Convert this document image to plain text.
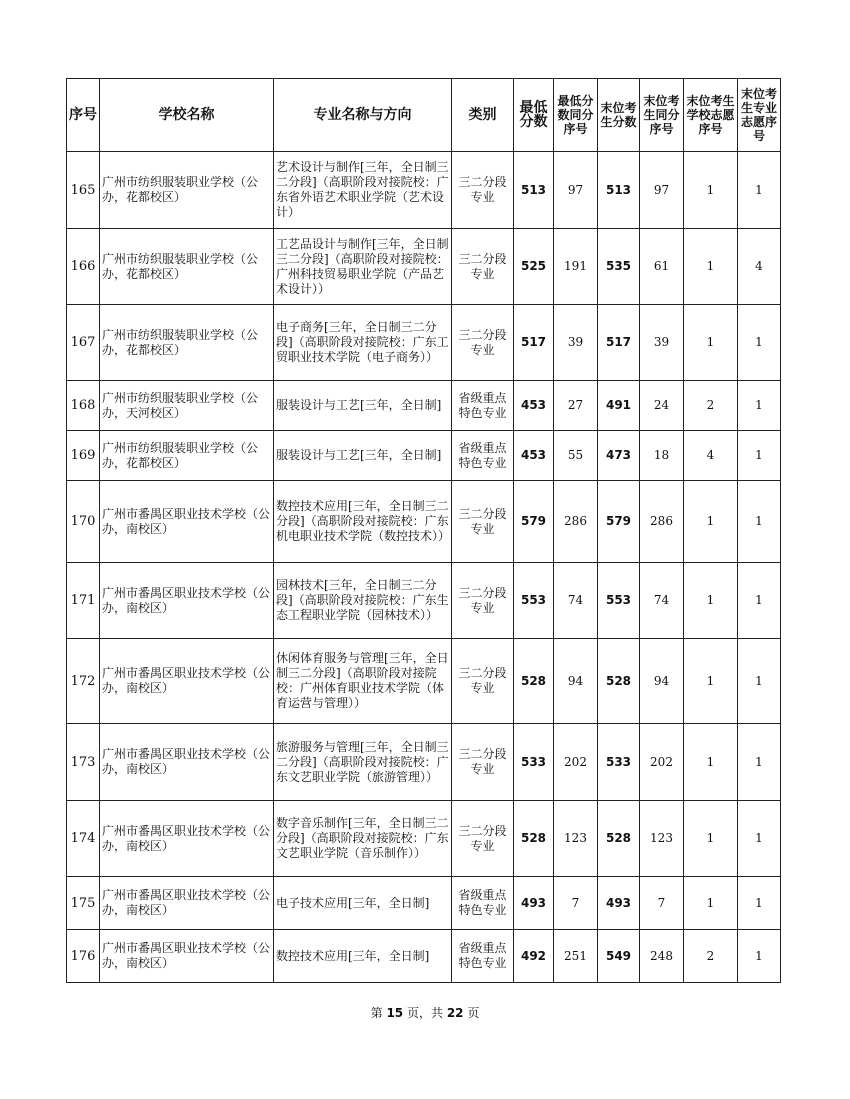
序号	学校名称	专业名称与方向	类别	最低分数	最低分数同分序号	末位考生分数	末位考生同分序号	末位考生学校志愿序号	末位考生专业志愿序号
165	广州市纺织服装职业学校（公办，花都校区）	艺术设计与制作[三年，全日制三二分段]（高职阶段对接院校：广东省外语艺术职业学院（艺术设计）	三二分段专业	513	97	513	97	1	1
166	广州市纺织服装职业学校（公办，花都校区）	工艺品设计与制作[三年，全日制三二分段]（高职阶段对接院校：广州科技贸易职业学院（产品艺术设计））	三二分段专业	525	191	535	61	1	4
167	广州市纺织服装职业学校（公办，花都校区）	电子商务[三年，全日制三二分段]（高职阶段对接院校：广东工贸职业技术学院（电子商务））	三二分段专业	517	39	517	39	1	1
168	广州市纺织服装职业学校（公办，天河校区）	服装设计与工艺[三年，全日制]	省级重点特色专业	453	27	491	24	2	1
169	广州市纺织服装职业学校（公办，花都校区）	服装设计与工艺[三年，全日制]	省级重点特色专业	453	55	473	18	4	1
170	广州市番禺区职业技术学校（公办，南校区）	数控技术应用[三年，全日制三二分段]（高职阶段对接院校：广东机电职业技术学院（数控技术））	三二分段专业	579	286	579	286	1	1
171	广州市番禺区职业技术学校（公办，南校区）	园林技术[三年，全日制三二分段]（高职阶段对接院校：广东生态工程职业学院（园林技术））	三二分段专业	553	74	553	74	1	1
172	广州市番禺区职业技术学校（公办，南校区）	休闲体育服务与管理[三年，全日制三二分段]（高职阶段对接院校：广州体育职业技术学院（体育运营与管理））	三二分段专业	528	94	528	94	1	1
173	广州市番禺区职业技术学校（公办，南校区）	旅游服务与管理[三年，全日制三二分段]（高职阶段对接院校：广东文艺职业学院（旅游管理））	三二分段专业	533	202	533	202	1	1
174	广州市番禺区职业技术学校（公办，南校区）	数字音乐制作[三年，全日制三二分段]（高职阶段对接院校：广东文艺职业学院（音乐制作））	三二分段专业	528	123	528	123	1	1
175	广州市番禺区职业技术学校（公办，南校区）	电子技术应用[三年，全日制]	省级重点特色专业	493	7	493	7	1	1
176	广州市番禺区职业技术学校（公办，南校区）	数控技术应用[三年，全日制]	省级重点特色专业	492	251	549	248	2	1
第 15 页，共 22 页
